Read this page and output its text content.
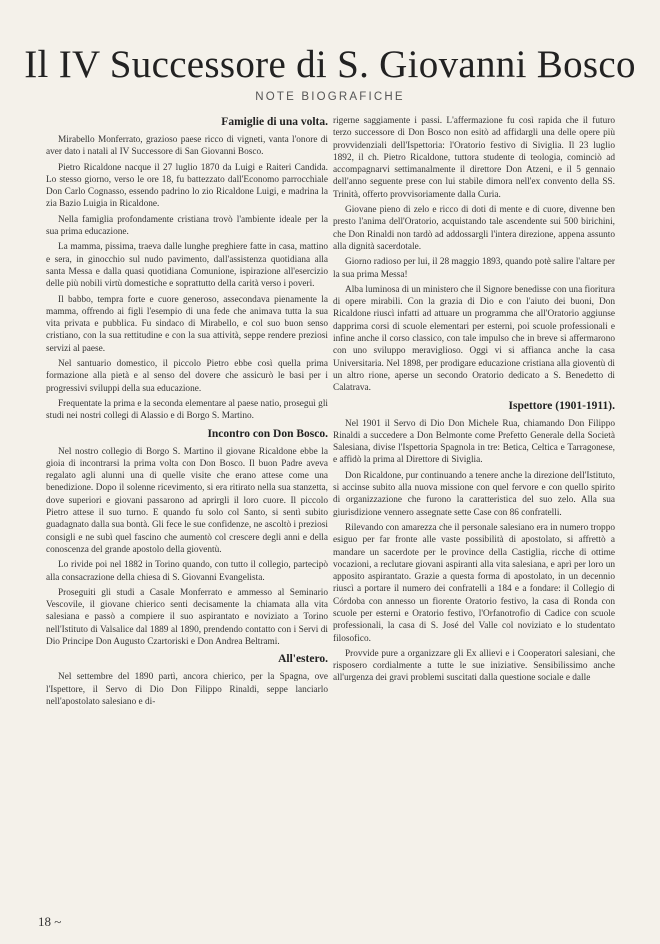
Il IV Successore di S. Giovanni Bosco
NOTE BIOGRAFICHE
Famiglie di una volta.

Mirabello Monferrato, grazioso paese ricco di vigneti, vanta l'onore di aver dato i natali al IV Successore di San Giovanni Bosco.

Pietro Ricaldone nacque il 27 luglio 1870 da Luigi e Raiteri Candida. Lo stesso giorno, verso le ore 18, fu battezzato dall'Economo parrocchiale Don Carlo Cognasso, essendo padrino lo zio Ricaldone Luigi, e madrina la zia Bazio Luigia in Ricaldone.

Nella famiglia profondamente cristiana trovò l'ambiente ideale per la sua prima educazione.

La mamma, pissima, traeva dalle lunghe preghiere fatte in casa, mattino e sera, in ginocchio sul nudo pavimento, dall'assistenza quotidiana alla santa Messa e dalla quasi quotidiana Comunione, ispirazione all'esercizio delle più nobili virtù domestiche e soprattutto della carità verso i poveri.

Il babbo, tempra forte e cuore generoso, assecondava pienamente la mamma, offrendo ai figli l'esempio di una fede che animava tutta la sua vita privata e pubblica. Fu sindaco di Mirabello, e col suo buon senso cristiano, con la sua rettitudine e con la sua attività, seppe rendere preziosi servizi al paese.

Nel santuario domestico, il piccolo Pietro ebbe così quella prima formazione alla pietà e al senso del dovere che assicurò le basi per i progressivi sviluppi della sua educazione.

Frequentate la prima e la seconda elementare al paese natio, proseguì gli studi nei nostri collegi di Alassio e di Borgo S. Martino.

Incontro con Don Bosco.

Nel nostro collegio di Borgo S. Martino il giovane Ricaldone ebbe la gioia di incontrarsi la prima volta con Don Bosco. Il buon Padre aveva regalato agli alunni una di quelle visite che erano attese come una benedizione. Dopo il solenne ricevimento, si era ritirato nella sua stanzetta, dove superiori e giovani passarono ad aprirgli il loro cuore. Il piccolo Pietro attese il suo turno. E quando fu solo col Santo, si sentì subito guadagnato dalla sua bontà. Gli fece le sue confidenze, ne ascoltò i preziosi consigli e ne subì quel fascino che aumentò col crescere degli anni e della conoscenza del grande apostolo della gioventù.

Lo rivide poi nel 1882 in Torino quando, con tutto il collegio, partecipò alla consacrazione della chiesa di S. Giovanni Evangelista.

Proseguiti gli studi a Casale Monferrato e ammesso al Seminario Vescovile, il giovane chierico senti decisamente la chiamata alla vita salesiana e passò a compiere il suo aspirantato e noviziato a Torino nell'Istituto di Valsalice dal 1889 al 1890, prendendo contatto con i Servi di Dio Principe Don Augusto Czartoriski e Don Andrea Beltrami.

All'estero.

Nel settembre del 1890 partì, ancora chierico, per la Spagna, ove l'Ispettore, il Servo di Dio Don Filippo Rinaldi, seppe lanciarlo nell'apostolato salesiano e di-

rigerne saggiamente i passi. L'affermazione fu così rapida che il futuro terzo successore di Don Bosco non esitò ad affidargli una delle opere più provvidenziali dell'Ispettoria: l'Oratorio festivo di Siviglia. Il 23 luglio 1892, il ch. Pietro Ricaldone, tuttora studente di teologia, cominciò ad accompagnarvi settimanalmente il direttore Don Atzeni, e il 5 gennaio dell'anno seguente prese con lui stabile dimora nell'ex convento della SS. Trinità, offerto provvisoriamente dalla Curia.

Giovane pieno di zelo e ricco di doti di mente e di cuore, divenne ben presto l'anima dell'Oratorio, acquistando tale ascendente sui 500 birichini, che Don Rinaldi non tardò ad addossargli l'intera direzione, appena assunto alla dignità sacerdotale.

Giorno radioso per lui, il 28 maggio 1893, quando potè salire l'altare per la sua prima Messa!

Alba luminosa di un ministero che il Signore benedisse con una fioritura di opere mirabili. Con la grazia di Dio e con l'aiuto dei buoni, Don Ricaldone riuscì infatti ad attuare un programma che all'Oratorio aggiunse dapprima corsi di scuole elementari per esterni, poi scuole professionali e infine anche il corso classico, con tale impulso che in breve si affermarono con uno sviluppo meraviglioso. Oggi vi si affianca anche la casa Universitaria. Nel 1898, per prodigare educazione cristiana alla gioventù di un altro rione, aperse un secondo Oratorio dedicato a S. Benedetto di Calatrava.

Ispettore (1901-1911).

Nel 1901 il Servo di Dio Don Michele Rua, chiamando Don Filippo Rinaldi a succedere a Don Belmonte come Prefetto Generale della Società Salesiana, divise l'Ispettoria Spagnola in tre: Betica, Celtica e Tarragonese, e affidò la prima al Direttore di Siviglia.

Don Ricaldone, pur continuando a tenere anche la direzione dell'Istituto, si accinse subito alla nuova missione con quel fervore e con quello spirito di organizzazione che furono la caratteristica del suo zelo. Alla sua giurisdizione vennero assegnate sette Case con 86 confratelli.

Rilevando con amarezza che il personale salesiano era in numero troppo esiguo per far fronte alle vaste possibilità di apostolato, si affrettò a mandare un sacerdote per le province della Castiglia, ricche di ottime vocazioni, a reclutare giovani aspiranti alla vita salesiana, e aprì per loro un apposito aspirantato. Grazie a questa forma di apostolato, in un decennio riuscì a portare il numero dei confratelli a 184 e a fondare: il Collegio di Córdoba con annesso un fiorente Oratorio festivo, la casa di Ronda con scuole per esterni e Oratorio festivo, l'Orfanotrofio di Cadice con scuole professionali, la casa di S. José del Valle col noviziato e lo studentato filosofico.

Provvide pure a organizzare gli Ex allievi e i Cooperatori salesiani, che risposero cordialmente a tutte le sue iniziative. Sensibilissimo anche all'urgenza dei gravi problemi suscitati dalla questione sociale e dalle

18 ~
